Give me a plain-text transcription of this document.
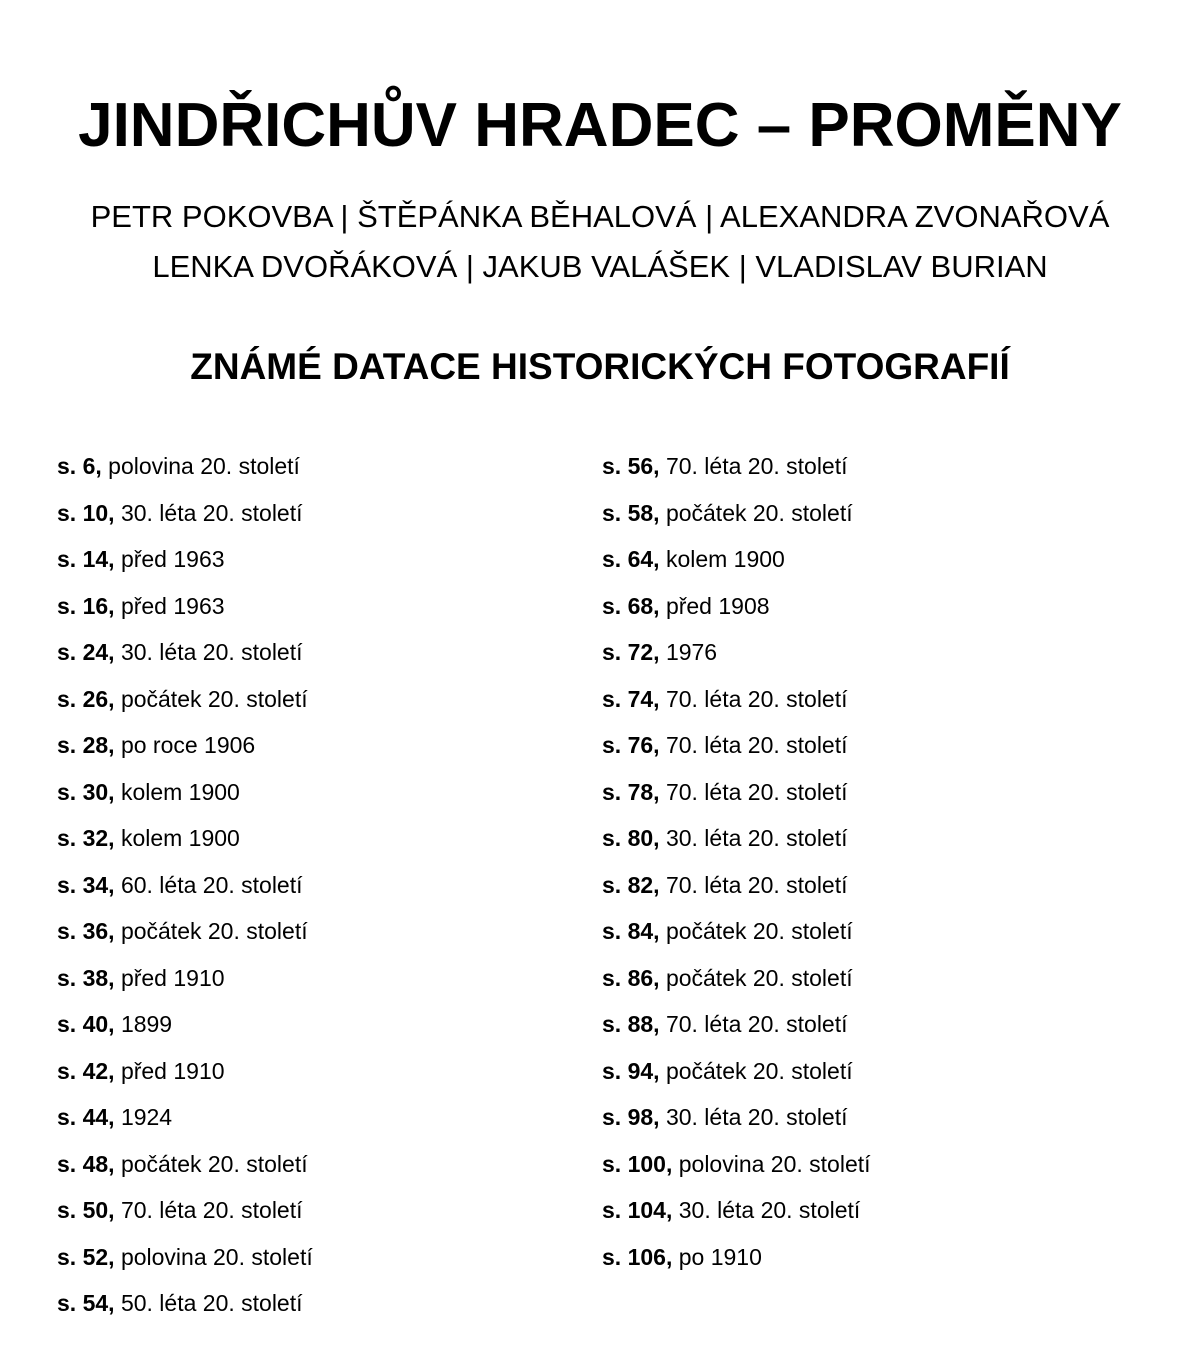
JINDŘICHŮV HRADEC – PROMĚNY
PETR POKOVBA | ŠTĚPÁNKA BĚHALOVÁ | ALEXANDRA ZVONAŘOVÁ
LENKA DVOŘÁKOVÁ | JAKUB VALÁŠEK | VLADISLAV BURIAN
ZNÁMÉ DATACE HISTORICKÝCH FOTOGRAFIÍ
s. 6, polovina 20. století
s. 10, 30. léta 20. století
s. 14, před 1963
s. 16, před 1963
s. 24, 30. léta 20. století
s. 26, počátek 20. století
s. 28, po roce 1906
s. 30, kolem 1900
s. 32, kolem 1900
s. 34, 60. léta 20. století
s. 36, počátek 20. století
s. 38, před 1910
s. 40, 1899
s. 42, před 1910
s. 44, 1924
s. 48, počátek 20. století
s. 50, 70. léta 20. století
s. 52, polovina 20. století
s. 54, 50. léta 20. století
s. 56, 70. léta 20. století
s. 58, počátek 20. století
s. 64, kolem 1900
s. 68, před 1908
s. 72, 1976
s. 74, 70. léta 20. století
s. 76, 70. léta 20. století
s. 78, 70. léta 20. století
s. 80, 30. léta 20. století
s. 82, 70. léta 20. století
s. 84, počátek 20. století
s. 86, počátek 20. století
s. 88, 70. léta 20. století
s. 94, počátek 20. století
s. 98, 30. léta 20. století
s. 100, polovina 20. století
s. 104, 30. léta 20. století
s. 106, po 1910
